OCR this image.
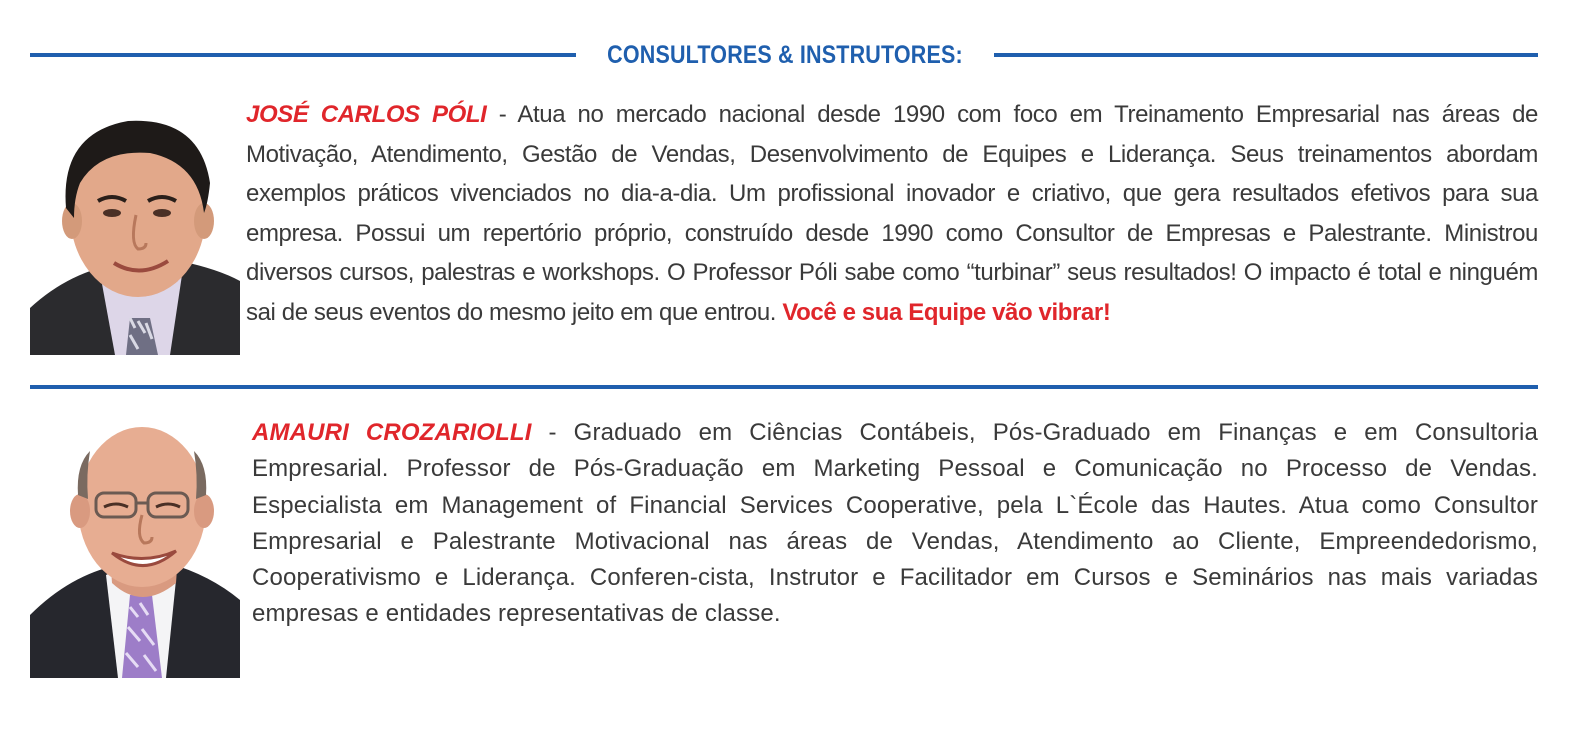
CONSULTORES & INSTRUTORES:

JOSÉ CARLOS PÓLI - Atua no mercado nacional desde 1990 com foco em Treinamento Empresarial nas áreas de Motivação, Atendimento, Gestão de Vendas, Desenvolvimento de Equipes e Liderança. Seus treinamentos abordam exemplos práticos vivenciados no dia-a-dia. Um profissional inovador e criativo, que gera resultados efetivos para sua empresa. Possui um repertório próprio, construído desde 1990 como Consultor de Empresas e Palestrante. Ministrou diversos cursos, palestras e workshops. O Professor Póli sabe como “turbinar” seus resultados! O impacto é total e ninguém sai de seus eventos do mesmo jeito em que entrou. Você e sua Equipe vão vibrar!

AMAURI CROZARIOLLI - Graduado em Ciências Contábeis, Pós-Graduado em Finanças e em Consultoria Empresarial. Professor de Pós-Graduação em Marketing Pessoal e Comunicação no Processo de Vendas. Especialista em Management of Financial Services Cooperative, pela L`École das Hautes. Atua como Consultor Empresarial e Palestrante Motivacional nas áreas de Vendas, Atendimento ao Cliente, Empreendedorismo, Cooperativismo e Liderança. Conferen-cista, Instrutor e Facilitador em Cursos e Seminários nas mais variadas empresas e entidades representativas de classe.
